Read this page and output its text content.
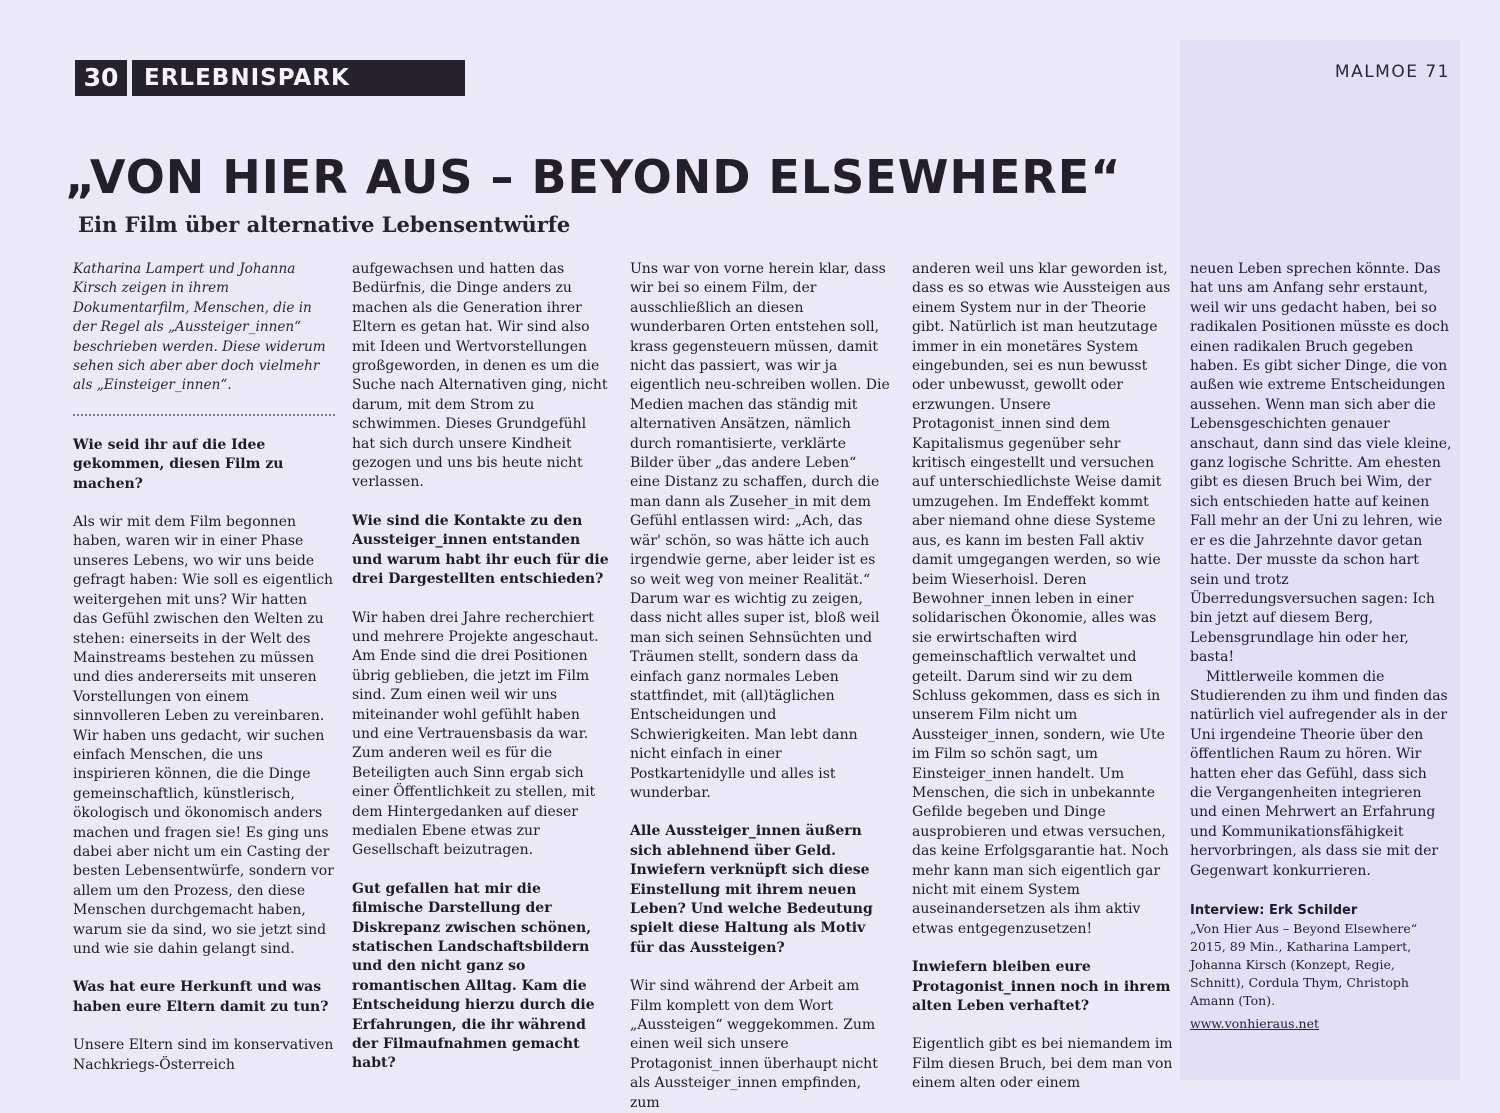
30	ERLEBNISPARK	MALMOE 71
„VON HIER AUS – BEYOND ELSEWHERE“
Ein Film über alternative Lebensentwürfe

Katharina Lampert und Johanna Kirsch zeigen in ihrem Dokumentarfilm, Menschen, die in der Regel als „Aussteiger_innen“ beschrieben werden. Diese widerum sehen sich aber aber doch vielmehr als „Einsteiger_innen“.

Wie seid ihr auf die Idee gekommen, diesen Film zu machen?

Als wir mit dem Film begonnen haben, waren wir in einer Phase unseres Lebens, wo wir uns beide gefragt haben: Wie soll es eigentlich weitergehen mit uns? Wir hatten das Gefühl zwischen den Welten zu stehen: einerseits in der Welt des Mainstreams bestehen zu müssen und dies andererseits mit unseren Vorstellungen von einem sinnvolleren Leben zu vereinbaren. Wir haben uns gedacht, wir suchen einfach Menschen, die uns inspirieren können, die die Dinge gemeinschaftlich, künstlerisch, ökologisch und ökonomisch anders machen und fragen sie! Es ging uns dabei aber nicht um ein Casting der besten Lebensentwürfe, sondern vor allem um den Prozess, den diese Menschen durchgemacht haben, warum sie da sind, wo sie jetzt sind und wie sie dahin gelangt sind.

Was hat eure Herkunft und was haben eure Eltern damit zu tun?

Unsere Eltern sind im konservativen Nachkriegs-Österreich

aufgewachsen und hatten das Bedürfnis, die Dinge anders zu machen als die Generation ihrer Eltern es getan hat. Wir sind also mit Ideen und Wertvorstellungen großgeworden, in denen es um die Suche nach Alternativen ging, nicht darum, mit dem Strom zu schwimmen. Dieses Grundgefühl hat sich durch unsere Kindheit gezogen und uns bis heute nicht verlassen.

Wie sind die Kontakte zu den Aussteiger_innen entstanden und warum habt ihr euch für die drei Dargestellten entschieden?

Wir haben drei Jahre recherchiert und mehrere Projekte angeschaut. Am Ende sind die drei Positionen übrig geblieben, die jetzt im Film sind. Zum einen weil wir uns miteinander wohl gefühlt haben und eine Vertrauensbasis da war. Zum anderen weil es für die Beteiligten auch Sinn ergab sich einer Öffentlichkeit zu stellen, mit dem Hintergedanken auf dieser medialen Ebene etwas zur Gesellschaft beizutragen.

Gut gefallen hat mir die filmische Darstellung der Diskrepanz zwischen schönen, statischen Landschaftsbildern und den nicht ganz so romantischen Alltag. Kam die Entscheidung hierzu durch die Erfahrungen, die ihr während der Filmaufnahmen gemacht habt?

Uns war von vorne herein klar, dass wir bei so einem Film, der ausschließlich an diesen wunderbaren Orten entstehen soll, krass gegensteuern müssen, damit nicht das passiert, was wir ja eigentlich neu-schreiben wollen. Die Medien machen das ständig mit alternativen Ansätzen, nämlich durch romantisierte, verklärte Bilder über „das andere Leben“ eine Distanz zu schaffen, durch die man dann als Zuseher_in mit dem Gefühl entlassen wird: „Ach, das wär' schön, so was hätte ich auch irgendwie gerne, aber leider ist es so weit weg von meiner Realität.“ Darum war es wichtig zu zeigen, dass nicht alles super ist, bloß weil man sich seinen Sehnsüchten und Träumen stellt, sondern dass da einfach ganz normales Leben stattfindet, mit (all)täglichen Entscheidungen und Schwierigkeiten. Man lebt dann nicht einfach in einer Postkartenidylle und alles ist wunderbar.

Alle Aussteiger_innen äußern sich ablehnend über Geld. Inwiefern verknüpft sich diese Einstellung mit ihrem neuen Leben? Und welche Bedeutung spielt diese Haltung als Motiv für das Aussteigen?

Wir sind während der Arbeit am Film komplett von dem Wort „Aussteigen“ weggekommen. Zum einen weil sich unsere Protagonist_innen überhaupt nicht als Aussteiger_innen empfinden, zum

anderen weil uns klar geworden ist, dass es so etwas wie Aussteigen aus einem System nur in der Theorie gibt. Natürlich ist man heutzutage immer in ein monetäres System eingebunden, sei es nun bewusst oder unbewusst, gewollt oder erzwungen. Unsere Protagonist_innen sind dem Kapitalismus gegenüber sehr kritisch eingestellt und versuchen auf unterschiedlichste Weise damit umzugehen. Im Endeffekt kommt aber niemand ohne diese Systeme aus, es kann im besten Fall aktiv damit umgegangen werden, so wie beim Wieserhoisl. Deren Bewohner_innen leben in einer solidarischen Ökonomie, alles was sie erwirtschaften wird gemeinschaftlich verwaltet und geteilt. Darum sind wir zu dem Schluss gekommen, dass es sich in unserem Film nicht um Aussteiger_innen, sondern, wie Ute im Film so schön sagt, um Einsteiger_innen handelt. Um Menschen, die sich in unbekannte Gefilde begeben und Dinge ausprobieren und etwas versuchen, das keine Erfolgsgarantie hat. Noch mehr kann man sich eigentlich gar nicht mit einem System auseinandersetzen als ihm aktiv etwas entgegenzusetzen!

Inwiefern bleiben eure Protagonist_innen noch in ihrem alten Leben verhaftet?

Eigentlich gibt es bei niemandem im Film diesen Bruch, bei dem man von einem alten oder einem

neuen Leben sprechen könnte. Das hat uns am Anfang sehr erstaunt, weil wir uns gedacht haben, bei so radikalen Positionen müsste es doch einen radikalen Bruch gegeben haben. Es gibt sicher Dinge, die von außen wie extreme Entscheidungen aussehen. Wenn man sich aber die Lebensgeschichten genauer anschaut, dann sind das viele kleine, ganz logische Schritte. Am ehesten gibt es diesen Bruch bei Wim, der sich entschieden hatte auf keinen Fall mehr an der Uni zu lehren, wie er es die Jahrzehnte davor getan hatte. Der musste da schon hart sein und trotz Überredungsversuchen sagen: Ich bin jetzt auf diesem Berg, Lebensgrundlage hin oder her, basta!

Mittlerweile kommen die Studierenden zu ihm und finden das natürlich viel aufregender als in der Uni irgendeine Theorie über den öffentlichen Raum zu hören. Wir hatten eher das Gefühl, dass sich die Vergangenheiten integrieren und einen Mehrwert an Erfahrung und Kommunikationsfähigkeit hervorbringen, als dass sie mit der Gegenwart konkurrieren.

Interview: Erk Schilder

„Von Hier Aus – Beyond Elsewhere“ 2015, 89 Min., Katharina Lampert, Johanna Kirsch (Konzept, Regie, Schnitt), Cordula Thym, Christoph Amann (Ton).

www.vonhieraus.net
